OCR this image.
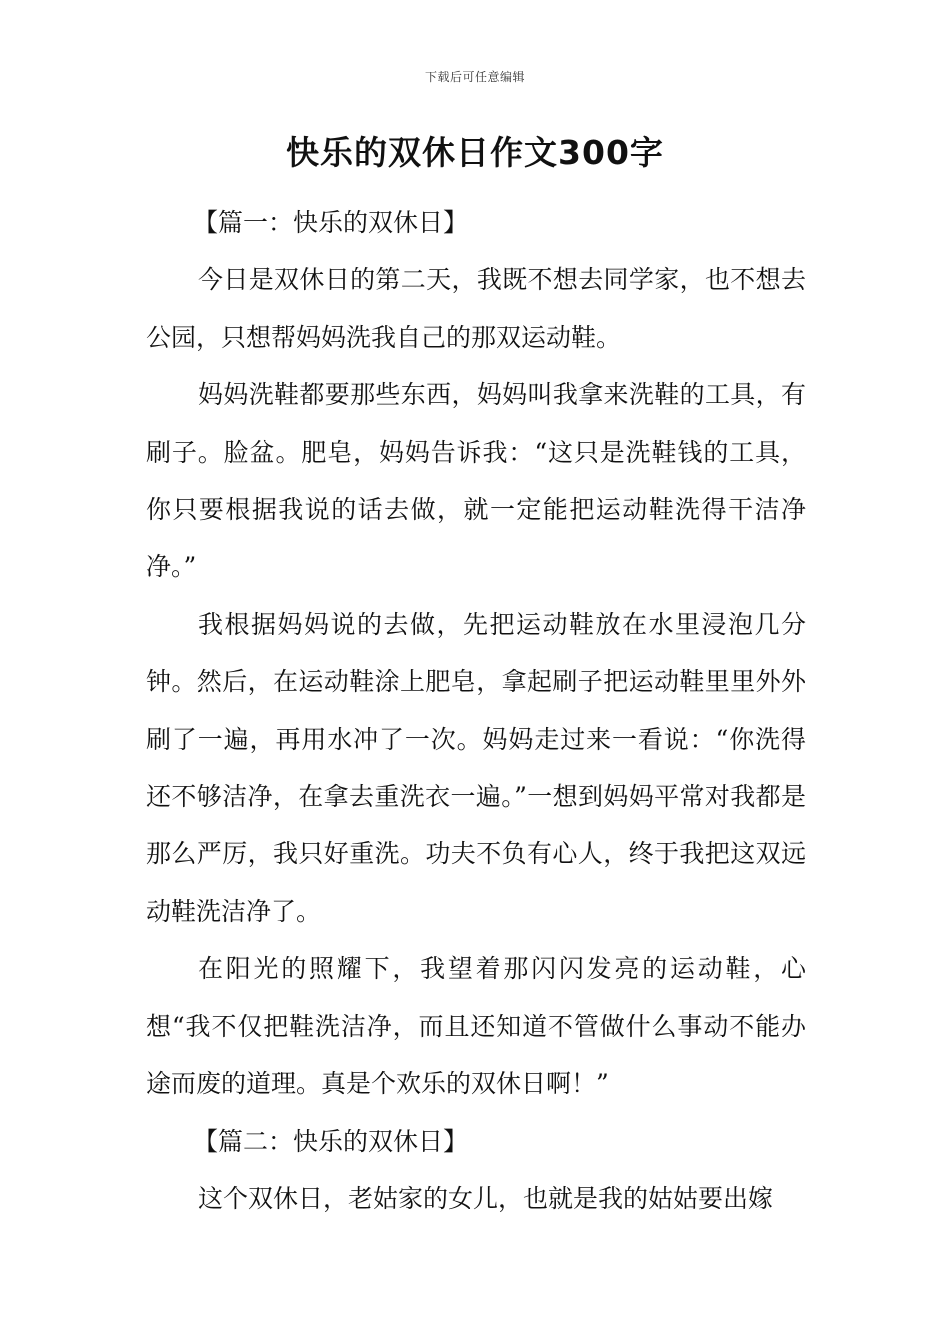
下载后可任意编辑
快乐的双休日作文300字

【篇一：快乐的双休日】

今日是双休日的第二天，我既不想去同学家，也不想去公园，只想帮妈妈洗我自己的那双运动鞋。

妈妈洗鞋都要那些东西，妈妈叫我拿来洗鞋的工具，有刷子。脸盆。肥皂，妈妈告诉我：“这只是洗鞋钱的工具，你只要根据我说的话去做，就一定能把运动鞋洗得干洁净净。”

我根据妈妈说的去做，先把运动鞋放在水里浸泡几分钟。然后，在运动鞋涂上肥皂，拿起刷子把运动鞋里里外外刷了一遍，再用水冲了一次。妈妈走过来一看说：“你洗得还不够洁净，在拿去重洗衣一遍。”一想到妈妈平常对我都是那么严厉，我只好重洗。功夫不负有心人，终于我把这双远动鞋洗洁净了。

在阳光的照耀下，我望着那闪闪发亮的运动鞋，心想“我不仅把鞋洗洁净，而且还知道不管做什么事动不能办途而废的道理。真是个欢乐的双休日啊！”

【篇二：快乐的双休日】

这个双休日，老姑家的女儿，也就是我的姑姑要出嫁
